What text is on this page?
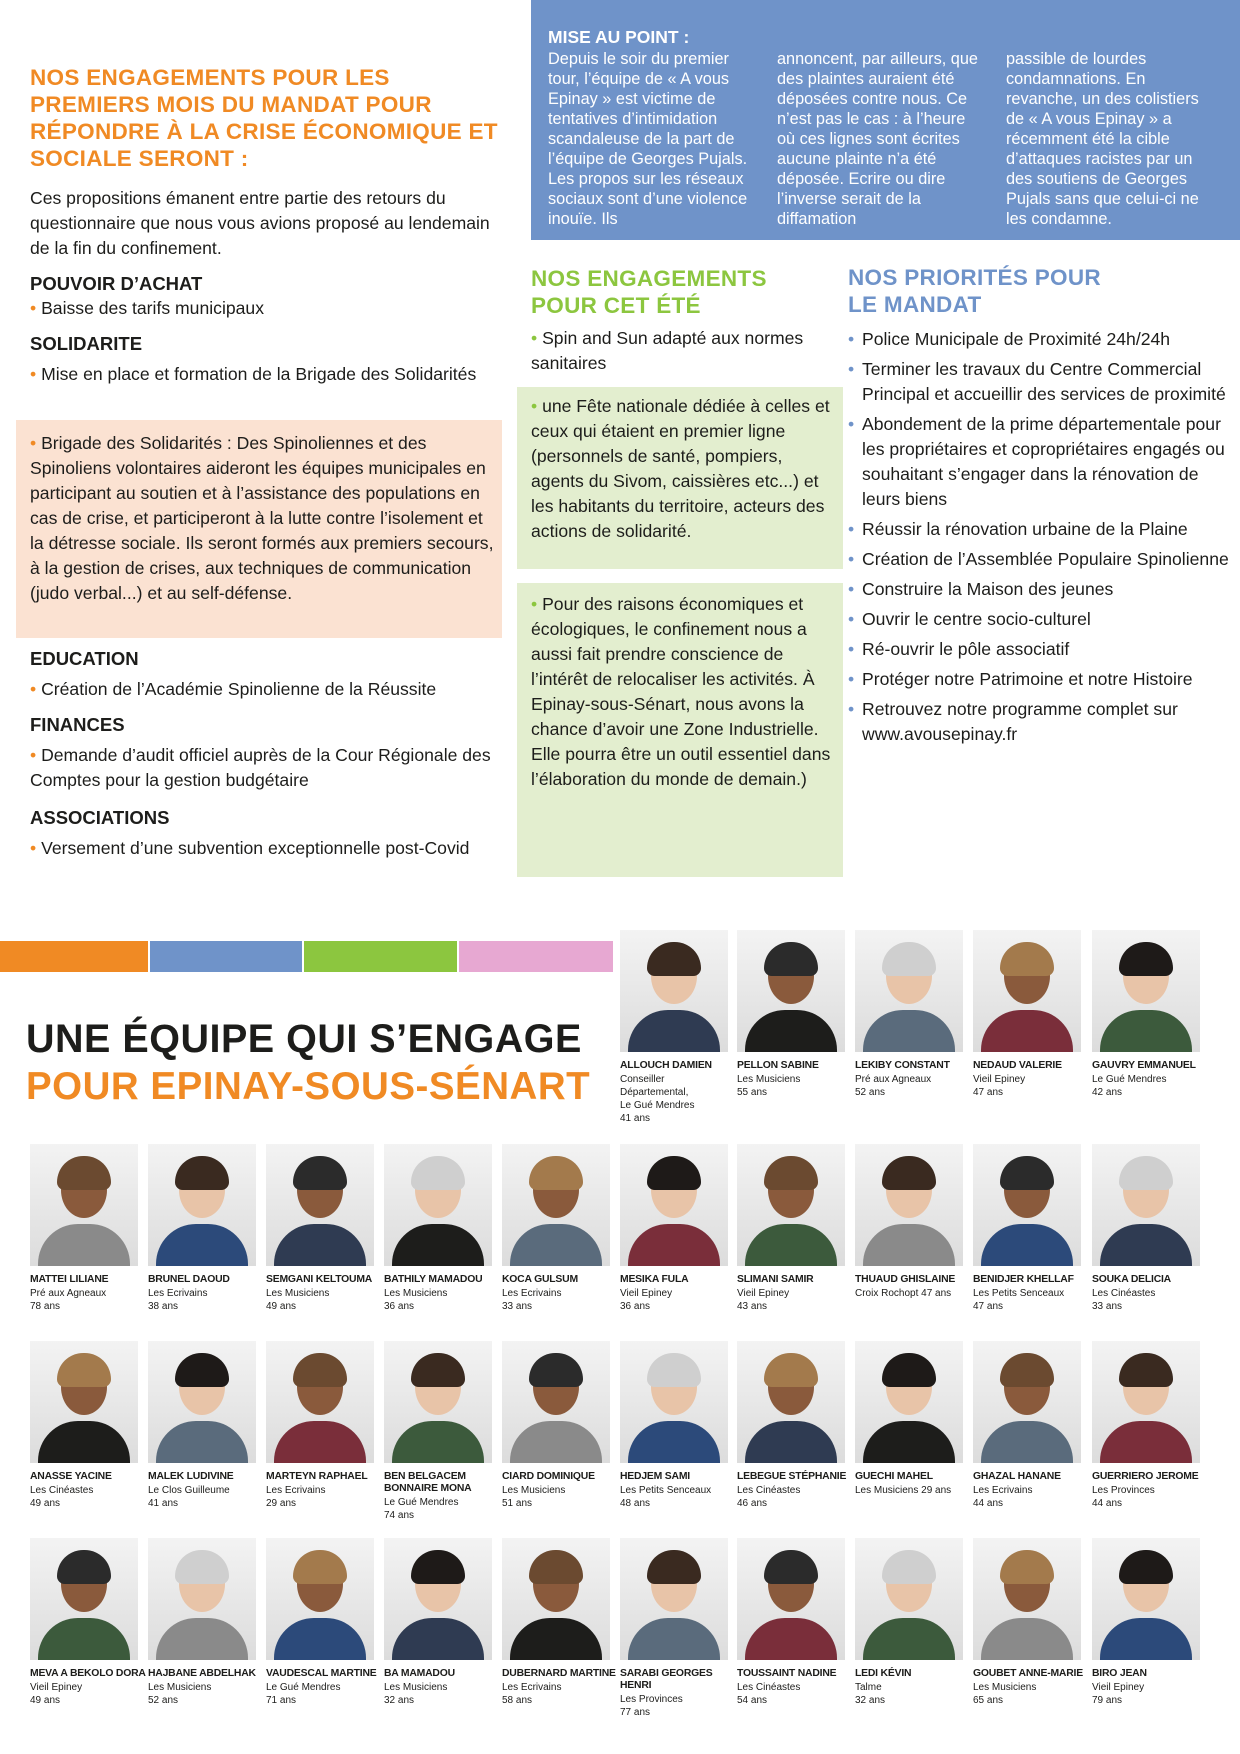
NOS ENGAGEMENTS POUR LES PREMIERS MOIS DU MANDAT POUR RÉPONDRE À LA CRISE ÉCONOMIQUE ET SOCIALE SERONT :

Ces propositions émanent entre partie des retours du questionnaire que nous vous avions proposé au lendemain de la fin du confinement.

POUVOIR D’ACHAT

• Baisse des tarifs municipaux

SOLIDARITE

• Mise en place et formation de la Brigade des Solidarités

• Brigade des Solidarités : Des Spinoliennes et des Spinoliens volontaires aideront les équipes municipales en participant au soutien et à l’assistance des populations en cas de crise, et participeront à la lutte contre l’isolement et la détresse sociale. Ils seront formés aux premiers secours, à la gestion de crises, aux techniques de communication (judo verbal...) et au self-défense.

EDUCATION

• Création de l’Académie Spinolienne de la Réussite

FINANCES

• Demande d’audit officiel auprès de la Cour Régionale des Comptes pour la gestion budgétaire

ASSOCIATIONS

• Versement d’une subvention exceptionnelle post-Covid

MISE AU POINT :

Depuis le soir du premier tour, l’équipe de « A vous Epinay » est victime de tentatives d’intimidation scandaleuse de la part de l’équipe de Georges Pujals. Les propos sur les réseaux sociaux sont d’une violence inouïe. Ils

annoncent, par ailleurs, que des plaintes auraient été déposées contre nous. Ce n’est pas le cas : à l’heure où ces lignes sont écrites aucune plainte n’a été déposée. Ecrire ou dire l’inverse serait de la diffamation

passible de lourdes condamnations. En revanche, un des colistiers de « A vous Epinay » a récemment été la cible d’attaques racistes par un des soutiens de Georges Pujals sans que celui-ci ne les condamne.

NOS ENGAGEMENTS POUR CET ÉTÉ

• Spin and Sun adapté aux normes sanitaires

• une Fête nationale dédiée à celles et ceux qui étaient en premier ligne (personnels de santé, pompiers, agents du Sivom, caissières etc...) et les habitants du territoire, acteurs des actions de solidarité.

• Pour des raisons économiques et écologiques, le confinement nous a aussi fait prendre conscience de l’intérêt de relocaliser les activités. À Epinay-sous-Sénart, nous avons la chance d’avoir une Zone Industrielle. Elle pourra être un outil essentiel dans l’élaboration du monde de demain.)

NOS PRIORITÉS POUR LE MANDAT
• Police Municipale de Proximité 24h/24h
• Terminer les travaux du Centre Commercial Principal et accueillir des services de proximité
• Abondement de la prime départementale pour les propriétaires et copropriétaires engagés ou souhaitant s’engager dans la rénovation de leurs biens
• Réussir la rénovation urbaine de la Plaine
• Création de l’Assemblée Populaire Spinolienne
• Construire la Maison des jeunes
• Ouvrir le centre socio-culturel
• Ré-ouvrir le pôle associatif
• Protéger notre Patrimoine et notre Histoire
• Retrouvez notre programme complet sur www.avousepinay.fr
UNE ÉQUIPE QUI S’ENGAGE
POUR EPINAY-SOUS-SÉNART	ALLOUCH DAMIEN

Conseiller
Départemental,
Le Gué Mendres
41 ans

PELLON SABINE

Les Musiciens
55 ans

LEKIBY CONSTANT

Pré aux Agneaux
52 ans

NEDAUD VALERIE

Vieil Epiney
47 ans

GAUVRY EMMANUEL

Le Gué Mendres
42 ans

MATTEI LILIANE

Pré aux Agneaux
78 ans

BRUNEL DAOUD

Les Ecrivains
38 ans

SEMGANI KELTOUMA

Les Musiciens
49 ans

BATHILY MAMADOU

Les Musiciens
36 ans

KOCA GULSUM

Les Ecrivains
33 ans

MESIKA FULA

Vieil Epiney
36 ans

SLIMANI SAMIR

Vieil Epiney
43 ans

THUAUD GHISLAINE

Croix Rochopt 47 ans

BENIDJER KHELLAF

Les Petits Senceaux
47 ans

SOUKA DELICIA

Les Cinéastes
33 ans

ANASSE YACINE

Les Cinéastes
49 ans

MALEK LUDIVINE

Le Clos Guilleume
41 ans

MARTEYN RAPHAEL

Les Ecrivains
29 ans

BEN BELGACEM BONNAIRE MONA

Le Gué Mendres
74 ans

CIARD DOMINIQUE

Les Musiciens
51 ans

HEDJEM SAMI

Les Petits Senceaux
48 ans

LEBEGUE STÉPHANIE

Les Cinéastes
46 ans

GUECHI MAHEL

Les Musiciens 29 ans

GHAZAL HANANE

Les Ecrivains
44 ans

GUERRIERO JEROME

Les Provinces
44 ans

MEVA A BEKOLO DORA

Vieil Epiney
49 ans

HAJBANE ABDELHAK

Les Musiciens
52 ans

VAUDESCAL MARTINE

Le Gué Mendres
71 ans

BA MAMADOU

Les Musiciens
32 ans

DUBERNARD MARTINE

Les Ecrivains
58 ans

SARABI GEORGES HENRI

Les Provinces
77 ans

TOUSSAINT NADINE

Les Cinéastes
54 ans

LEDI KÉVIN

Talme
32 ans

GOUBET ANNE-MARIE

Les Musiciens
65 ans

BIRO JEAN

Vieil Epiney
79 ans
